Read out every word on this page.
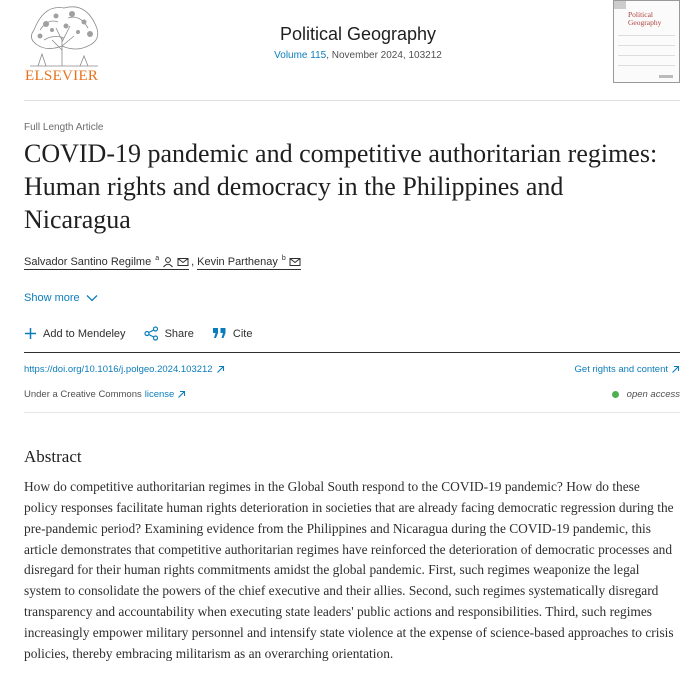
ELSEVIER
Political Geography
Volume 115, November 2024, 103212
Political
Geography
Full Length Article
COVID-19 pandemic and competitive authoritarian regimes: Human rights and democracy in the Philippines and Nicaragua
Salvador Santino Regilme $^a$	, Kevin Parthenay $^b$
Show more
Add to Mendeley	Share	Cite
https://doi.org/10.1016/j.polgeo.2024.103212	Get rights and content
Under a Creative Commons license	open access
Abstract

How do competitive authoritarian regimes in the Global South respond to the COVID-19 pandemic? How do these policy responses facilitate human rights deterioration in societies that are already facing democratic regression during the pre-pandemic period? Examining evidence from the Philippines and Nicaragua during the COVID-19 pandemic, this article demonstrates that competitive authoritarian regimes have reinforced the deterioration of democratic processes and disregard for their human rights commitments amidst the global pandemic. First, such regimes weaponize the legal system to consolidate the powers of the chief executive and their allies. Second, such regimes systematically disregard transparency and accountability when executing state leaders' public actions and responsibilities. Third, such regimes increasingly empower military personnel and intensify state violence at the expense of science-based approaches to crisis policies, thereby embracing militarism as an overarching orientation.
